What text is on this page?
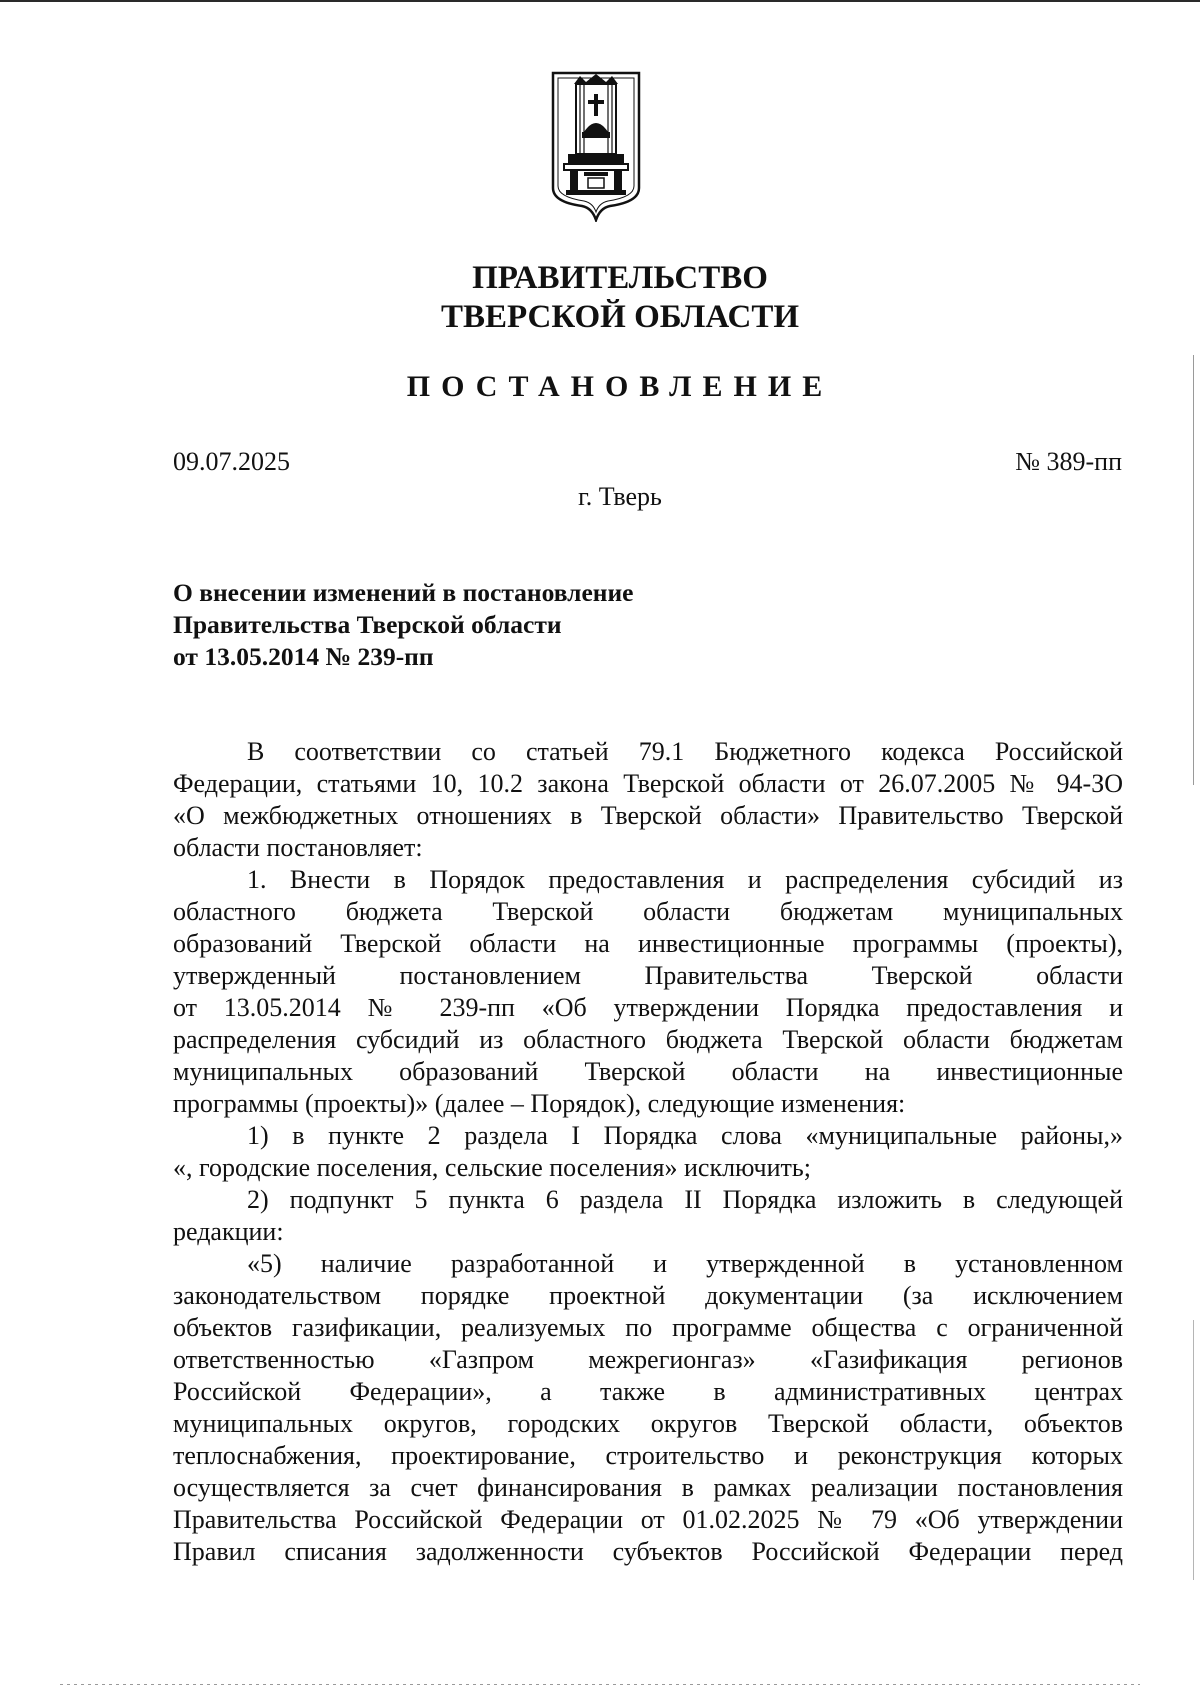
ПРАВИТЕЛЬСТВО
ТВЕРСКОЙ ОБЛАСТИ
ПОСТАНОВЛЕНИЕ
09.07.2025	№ 389-пп
г. Тверь
О внесении изменений в постановление
Правительства Тверской области
от 13.05.2014 № 239-пп
В соответствии со статьей 79.1 Бюджетного кодекса Российской
Федерации, статьями 10, 10.2 закона Тверской области от 26.07.2005 № 94-ЗО
«О межбюджетных отношениях в Тверской области» Правительство Тверской
области постановляет:
1. Внести в Порядок предоставления и распределения субсидий из
областного бюджета Тверской области бюджетам муниципальных
образований Тверской области на инвестиционные программы (проекты),
утвержденный постановлением Правительства Тверской области
от 13.05.2014 № 239-пп «Об утверждении Порядка предоставления и
распределения субсидий из областного бюджета Тверской области бюджетам
муниципальных образований Тверской области на инвестиционные
программы (проекты)» (далее – Порядок), следующие изменения:
1) в пункте 2 раздела I Порядка слова «муниципальные районы,»
«, городские поселения, сельские поселения» исключить;
2) подпункт 5 пункта 6 раздела II Порядка изложить в следующей
редакции:
«5) наличие разработанной и утвержденной в установленном
законодательством порядке проектной документации (за исключением
объектов газификации, реализуемых по программе общества с ограниченной
ответственностью «Газпром межрегионгаз» «Газификация регионов
Российской Федерации», а также в административных центрах
муниципальных округов, городских округов Тверской области, объектов
теплоснабжения, проектирование, строительство и реконструкция которых
осуществляется за счет финансирования в рамках реализации постановления
Правительства Российской Федерации от 01.02.2025 № 79 «Об утверждении
Правил списания задолженности субъектов Российской Федерации перед
